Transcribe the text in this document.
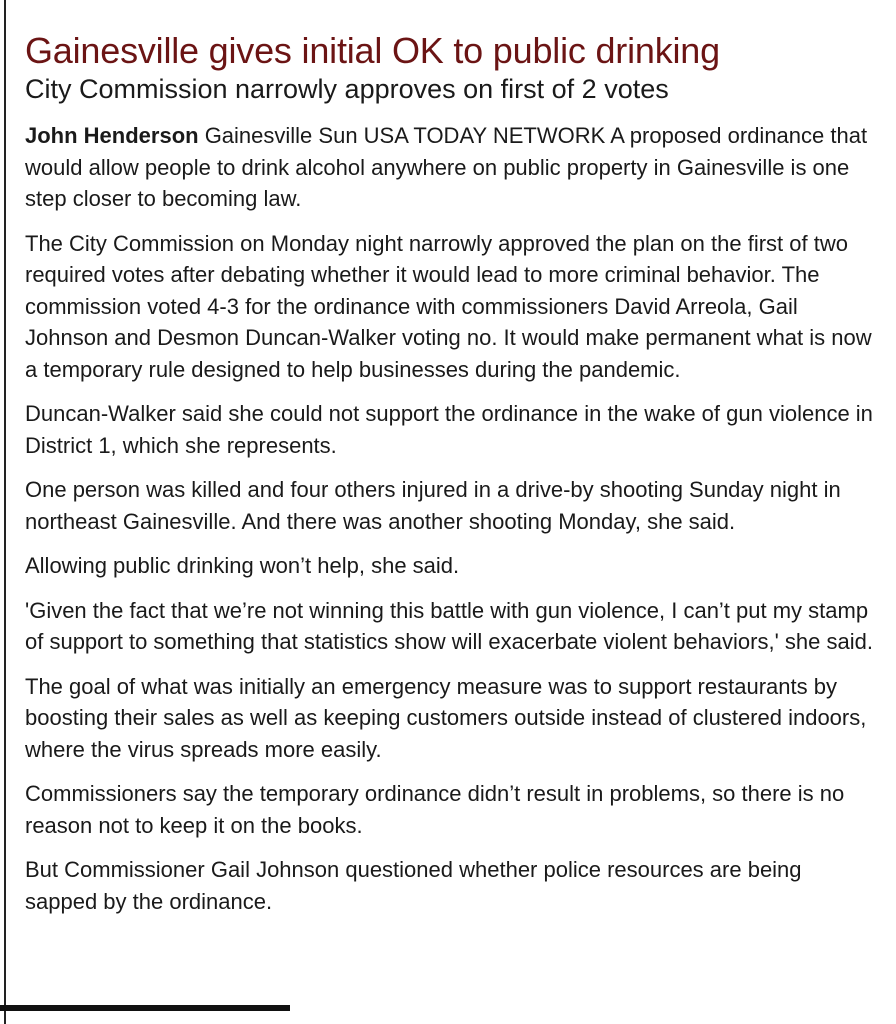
Gainesville gives initial OK to public drinking
City Commission narrowly approves on first of 2 votes

John Henderson Gainesville Sun USA TODAY NETWORK A proposed ordinance that would allow people to drink alcohol anywhere on public property in Gainesville is one step closer to becoming law.

The City Commission on Monday night narrowly approved the plan on the first of two required votes after debating whether it would lead to more criminal behavior. The commission voted 4-3 for the ordinance with commissioners David Arreola, Gail Johnson and Desmon Duncan-Walker voting no. It would make permanent what is now a temporary rule designed to help businesses during the pandemic.

Duncan-Walker said she could not support the ordinance in the wake of gun violence in District 1, which she represents.

One person was killed and four others injured in a drive-by shooting Sunday night in northeast Gainesville. And there was another shooting Monday, she said.

Allowing public drinking won’t help, she said.

'Given the fact that we’re not winning this battle with gun violence, I can’t put my stamp of support to something that statistics show will exacerbate violent behaviors,' she said.

The goal of what was initially an emergency measure was to support restaurants by boosting their sales as well as keeping customers outside instead of clustered indoors, where the virus spreads more easily.

Commissioners say the temporary ordinance didn’t result in problems, so there is no reason not to keep it on the books.

But Commissioner Gail Johnson questioned whether police resources are being sapped by the ordinance.
